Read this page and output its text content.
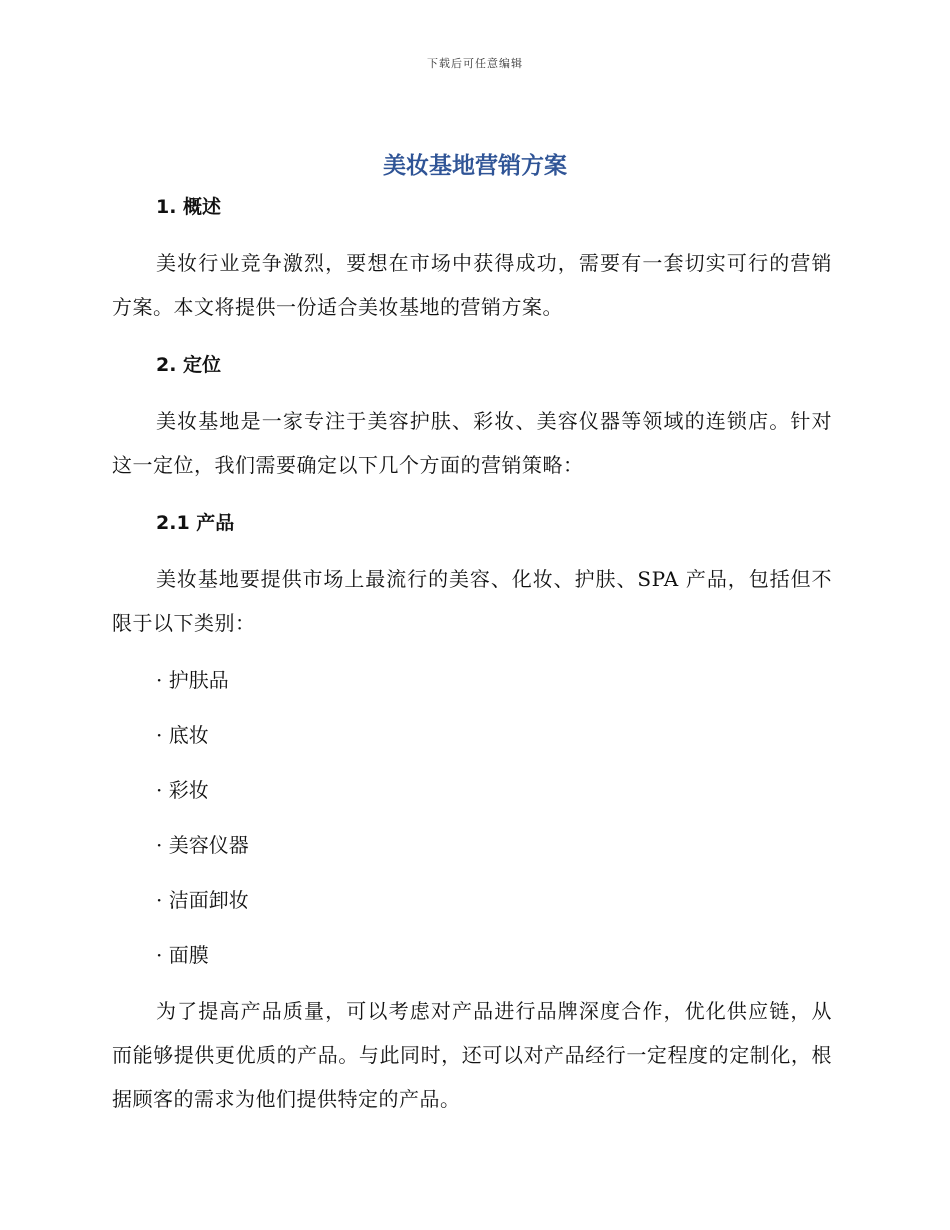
下载后可任意编辑
美妆基地营销方案
1. 概述

美妆行业竞争激烈，要想在市场中获得成功，需要有一套切实可行的营销方案。本文将提供一份适合美妆基地的营销方案。

2. 定位

美妆基地是一家专注于美容护肤、彩妆、美容仪器等领域的连锁店。针对这一定位，我们需要确定以下几个方面的营销策略：

2.1 产品

美妆基地要提供市场上最流行的美容、化妆、护肤、SPA 产品，包括但不限于以下类别：

· 护肤品
· 底妆
· 彩妆
· 美容仪器
· 洁面卸妆
· 面膜

为了提高产品质量，可以考虑对产品进行品牌深度合作，优化供应链，从而能够提供更优质的产品。与此同时，还可以对产品经行一定程度的定制化，根据顾客的需求为他们提供特定的产品。
